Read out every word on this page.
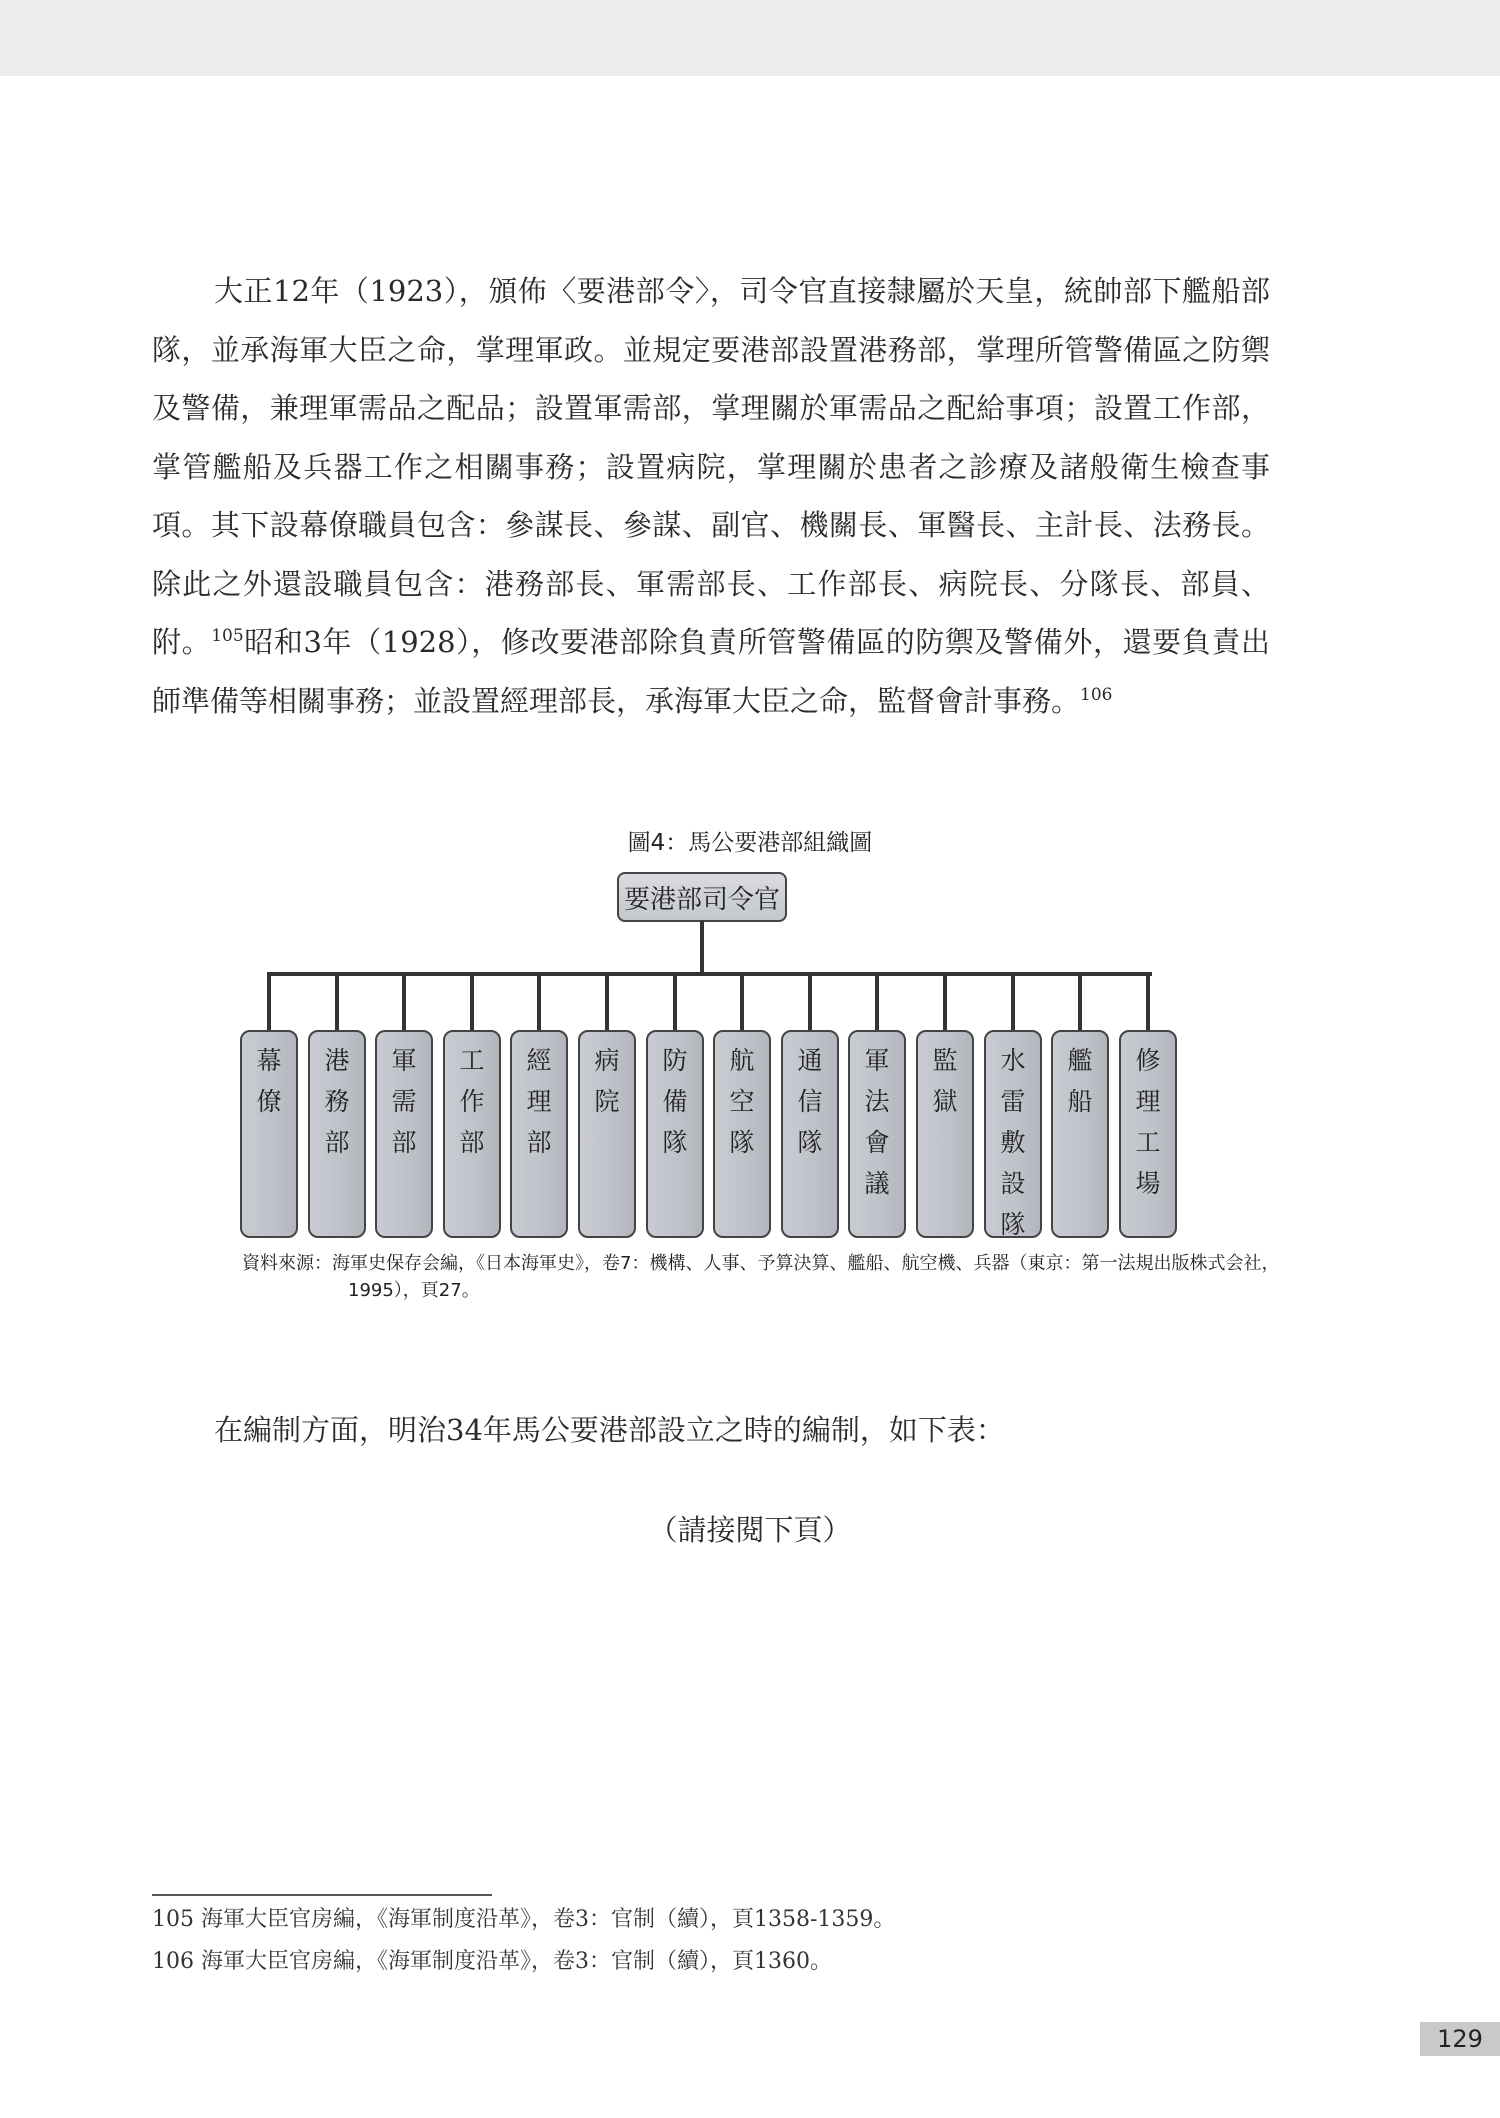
大正12年（1923），頒佈〈要港部令〉，司令官直接隸屬於天皇，統帥部下艦船部隊，並承海軍大臣之命，掌理軍政。並規定要港部設置港務部，掌理所管警備區之防禦及警備，兼理軍需品之配品；設置軍需部，掌理關於軍需品之配給事項；設置工作部，掌管艦船及兵器工作之相關事務；設置病院，掌理關於患者之診療及諸般衛生檢查事項。其下設幕僚職員包含：參謀長、參謀、副官、機關長、軍醫長、主計長、法務長。除此之外還設職員包含：港務部長、軍需部長、工作部長、病院長、分隊長、部員、附。$^{105}$昭和3年（1928），修改要港部除負責所管警備區的防禦及警備外，還要負責出師準備等相關事務；並設置經理部長，承海軍大臣之命，監督會計事務。$^{106}$

圖4：馬公要港部組織圖
要港部司令官
幕僚
港務部
軍需部
工作部
經理部
病院
防備隊
航空隊
通信隊
軍法會議
監獄
水雷敷設隊
艦船
修理工場
資料來源：海軍史保存会編，《日本海軍史》，卷7：機構、人事、予算決算、艦船、航空機、兵器（東京：第一法規出版株式会社，1995），頁27。

在編制方面，明治34年馬公要港部設立之時的編制，如下表：

（請接閱下頁）
105 海軍大臣官房編，《海軍制度沿革》，卷3：官制（續），頁1358-1359。
106 海軍大臣官房編，《海軍制度沿革》，卷3：官制（續），頁1360。
129
